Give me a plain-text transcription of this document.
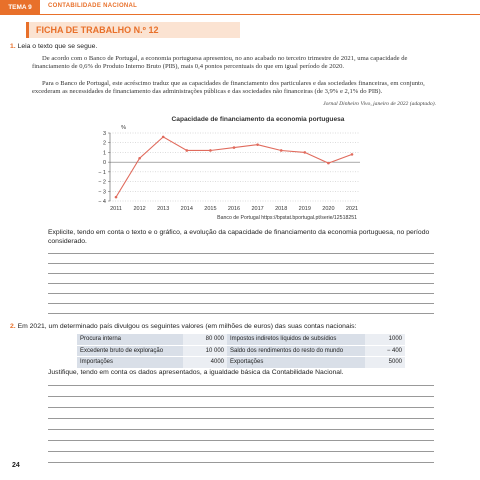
TEMA 9	CONTABILIDADE NACIONAL
FICHA DE TRABALHO N.º 12
1. Leia o texto que se segue.
De acordo com o Banco de Portugal, a economia portuguesa apresentou, no ano acabado no terceiro trimestre de 2021, uma capacidade de financiamento de 0,6% do Produto Interno Bruto (PIB), mais 0,4 pontos percentuais do que em igual período de 2020.
Para o Banco de Portugal, este acréscimo traduz que as capacidades de financiamento dos particulares e das sociedades financeiras, em conjunto, excederam as necessidades de financiamento das administrações públicas e das sociedades não financeiras (de 3,9% e 2,1% do PIB).
Jornal Dinheiro Vivo, janeiro de 2022 (adaptado).
Capacidade de financiamento da economia portuguesa
%
3
2
1
0
− 1
− 2
− 3
− 4
2011 2012 2013 2014 2015 2016 2017 2018 2019 2020 2021
Banco de Portugal https://bpstat.bportugal.pt/serie/12518251
Explicite, tendo em conta o texto e o gráfico, a evolução da capacidade de financiamento da economia portuguesa, no período considerado.
2. Em 2021, um determinado país divulgou os seguintes valores (em milhões de euros) das suas contas nacionais:
Procura interna	80 000	Impostos indiretos líquidos de subsídios	1000
Excedente bruto de exploração	10 000	Saldo dos rendimentos do resto do mundo	− 400
Importações	4000	Exportações	5000
Justifique, tendo em conta os dados apresentados, a igualdade básica da Contabilidade Nacional.
24
